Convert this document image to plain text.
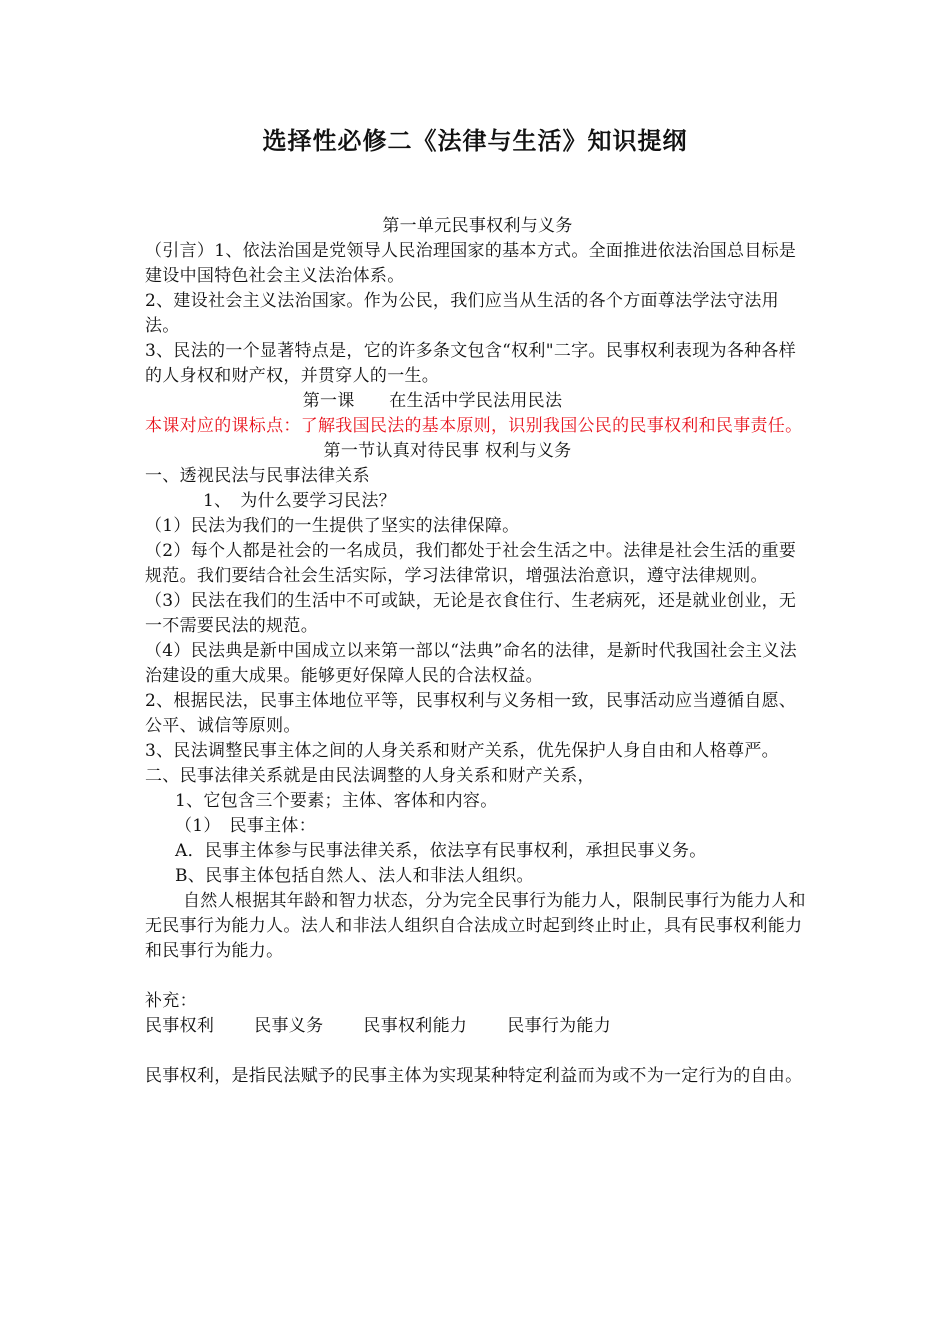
选择性必修二《法律与生活》知识提纲

第一单元民事权利与义务

（引言）1、依法治国是党领导人民治理国家的基本方式。全面推进依法治国总目标是建设中国特色社会主义法治体系。

2、建设社会主义法治国家。作为公民，我们应当从生活的各个方面尊法学法守法用法。

3、民法的一个显著特点是，它的许多条文包含“权利"二字。民事权利表现为各种各样的人身权和财产权，并贯穿人的一生。

第一课　　在生活中学民法用民法

本课对应的课标点：了解我国民法的基本原则，识别我国公民的民事权利和民事责任。

第一节认真对待民事 权利与义务

一、透视民法与民事法律关系

1、　为什么要学习民法？

（1）民法为我们的一生提供了坚实的法律保障。

（2）每个人都是社会的一名成员，我们都处于社会生活之中。法律是社会生活的重要规范。我们要结合社会生活实际，学习法律常识，增强法治意识，遵守法律规则。

（3）民法在我们的生活中不可或缺，无论是衣食住行、生老病死，还是就业创业，无一不需要民法的规范。

（4）民法典是新中国成立以来第一部以“法典”命名的法律，是新时代我国社会主义法治建设的重大成果。能够更好保障人民的合法权益。

2、根据民法，民事主体地位平等，民事权利与义务相一致，民事活动应当遵循自愿、公平、诚信等原则。

3、民法调整民事主体之间的人身关系和财产关系，优先保护人身自由和人格尊严。

二、民事法律关系就是由民法调整的人身关系和财产关系，

1、它包含三个要素；主体、客体和内容。

（1）　民事主体：

A．民事主体参与民事法律关系，依法享有民事权利，承担民事义务。

B、民事主体包括自然人、法人和非法人组织。

自然人根据其年龄和智力状态，分为完全民事行为能力人，限制民事行为能力人和无民事行为能力人。法人和非法人组织自合法成立时起到终止时止，具有民事权利能力和民事行为能力。

补充：

民事权利 民事义务 民事权利能力 民事行为能力

民事权利，是指民法赋予的民事主体为实现某种特定利益而为或不为一定行为的自由。
